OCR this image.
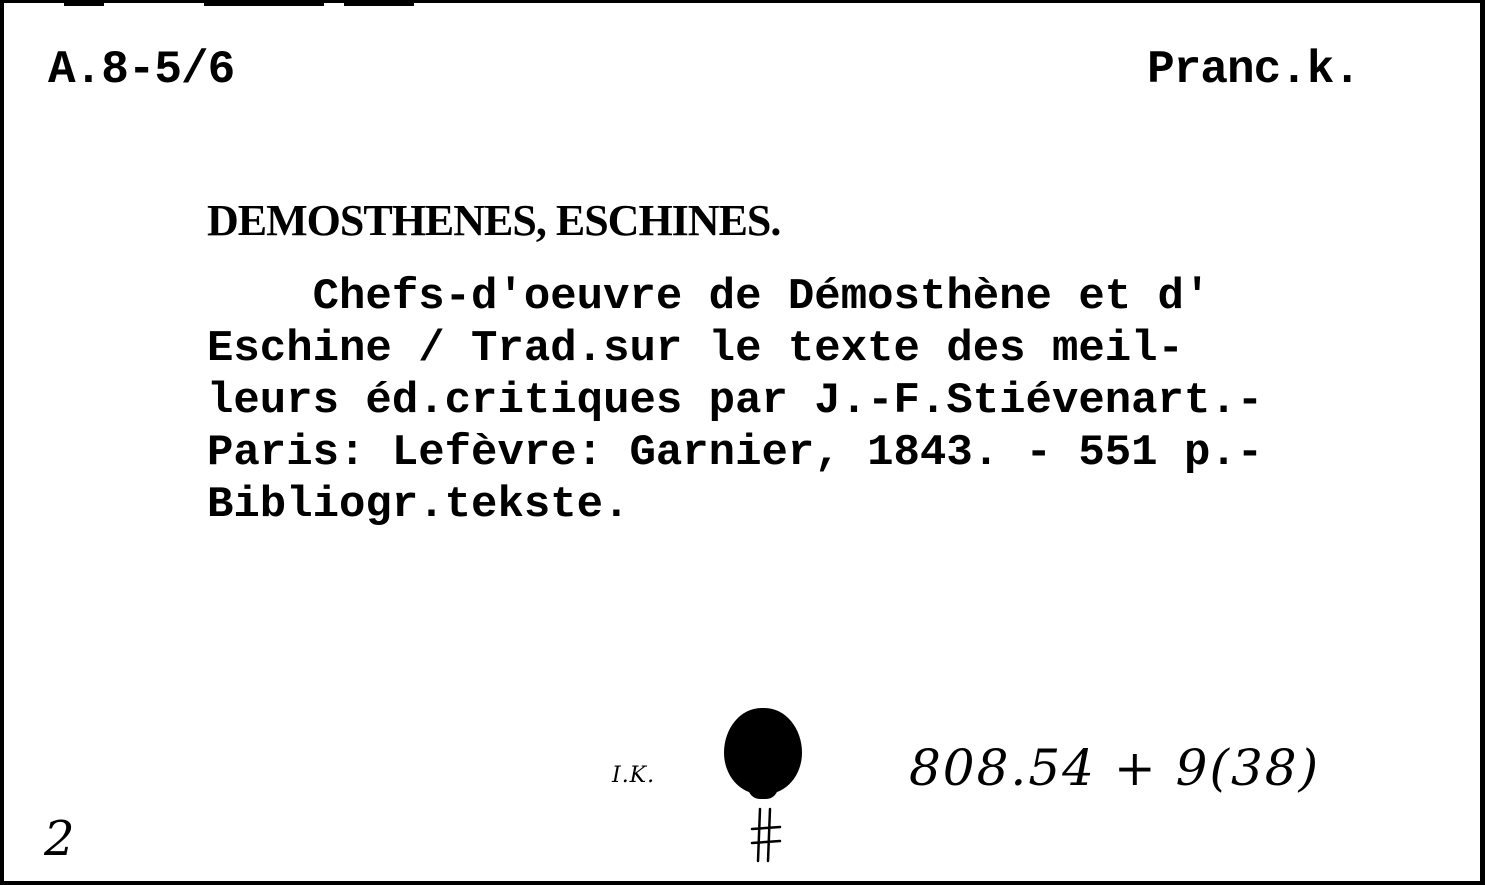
A.8-5/6	Pranc.k.
DEMOSTHENES, ESCHINES.
Chefs-d'oeuvre de Démosthène et d'
Eschine / Trad.sur le texte des meil-
leurs éd.critiques par J.-F.Stiévenart.-
Paris: Lefèvre: Garnier, 1843. - 551 p.-
Bibliogr.tekste.
I.K.	808.54 + 9(38)
2
